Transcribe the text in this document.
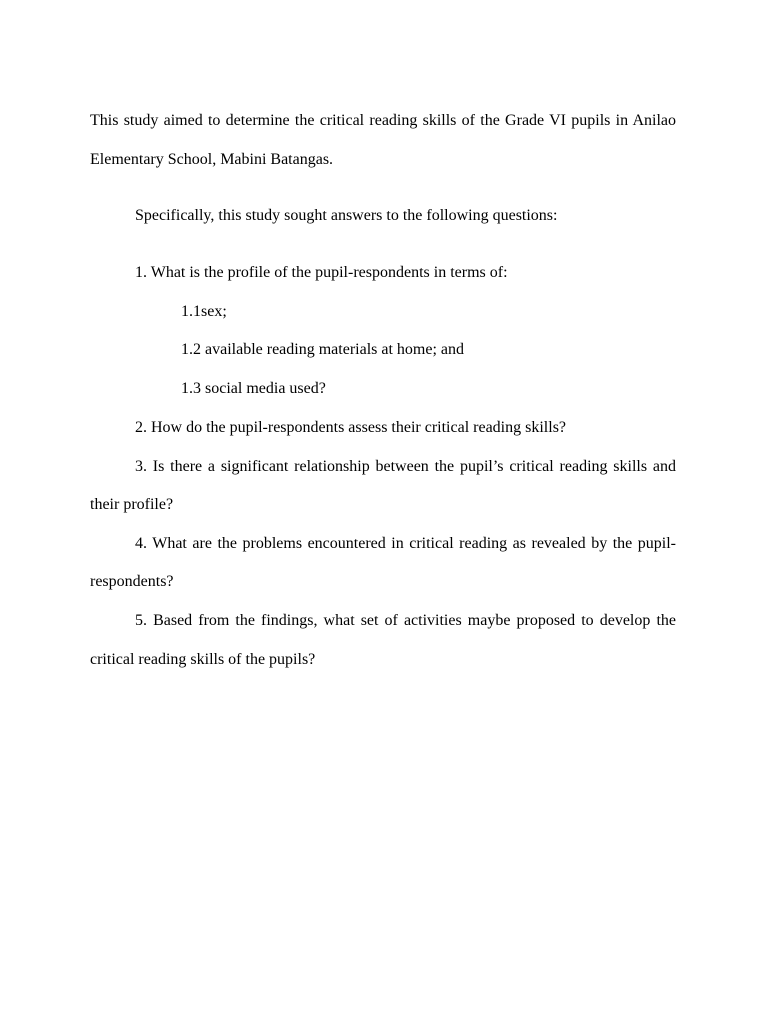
This study aimed to determine the critical reading skills of the Grade VI pupils in Anilao
Elementary School, Mabini Batangas.
Specifically, this study sought answers to the following questions:
1. What is the profile of the pupil-respondents in terms of:
1.1sex;
1.2 available reading materials at home; and
1.3 social media used?
2. How do the pupil-respondents assess their critical reading skills?
3. Is there a significant relationship between the pupil’s critical reading skills and
their profile?
4. What are the problems encountered in critical reading as revealed by the pupil-
respondents?
5. Based from the findings, what set of activities maybe proposed to develop the
critical reading skills of the pupils?
